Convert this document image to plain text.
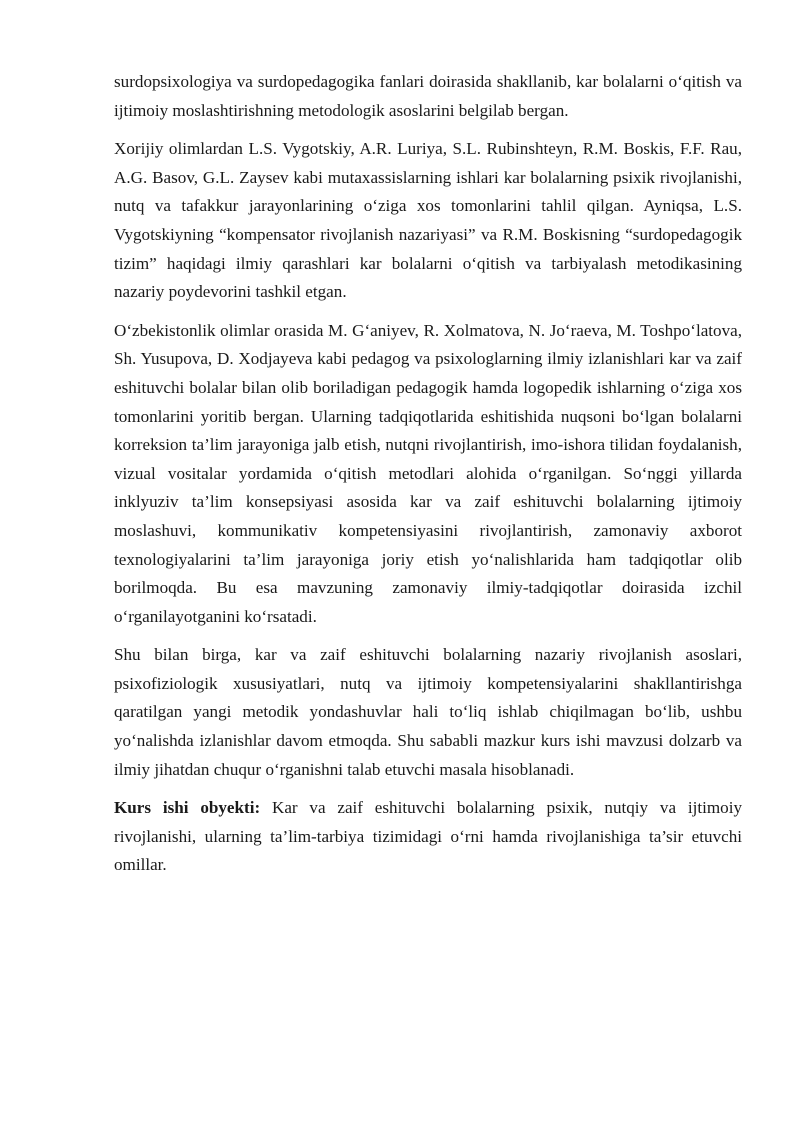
surdopsixologiya va surdopedagogika fanlari doirasida shakllanib, kar bolalarni o‘qitish va ijtimoiy moslashtirishning metodologik asoslarini belgilab bergan.

Xorijiy olimlardan L.S. Vygotskiy, A.R. Luriya, S.L. Rubinshteyn, R.M. Boskis, F.F. Rau, A.G. Basov, G.L. Zaysev kabi mutaxassislarning ishlari kar bolalarning psixik rivojlanishi, nutq va tafakkur jarayonlarining o‘ziga xos tomonlarini tahlil qilgan. Ayniqsa, L.S. Vygotskiyning “kompensator rivojlanish nazariyasi” va R.M. Boskisning “surdopedagogik tizim” haqidagi ilmiy qarashlari kar bolalarni o‘qitish va tarbiyalash metodikasining nazariy poydevorini tashkil etgan.

O‘zbekistonlik olimlar orasida M. G‘aniyev, R. Xolmatova, N. Jo‘raeva, M. Toshpo‘latova, Sh. Yusupova, D. Xodjayeva kabi pedagog va psixologlarning ilmiy izlanishlari kar va zaif eshituvchi bolalar bilan olib boriladigan pedagogik hamda logopedik ishlarning o‘ziga xos tomonlarini yoritib bergan. Ularning tadqiqotlarida eshitishida nuqsoni bo‘lgan bolalarni korreksion ta’lim jarayoniga jalb etish, nutqni rivojlantirish, imo-ishora tilidan foydalanish, vizual vositalar yordamida o‘qitish metodlari alohida o‘rganilgan. So‘nggi yillarda inklyuziv ta’lim konsepsiyasi asosida kar va zaif eshituvchi bolalarning ijtimoiy moslashuvi, kommunikativ kompetensiyasini rivojlantirish, zamonaviy axborot texnologiyalarini ta’lim jarayoniga joriy etish yo‘nalishlarida ham tadqiqotlar olib borilmoqda. Bu esa mavzuning zamonaviy ilmiy-tadqiqotlar doirasida izchil o‘rganilayotganini ko‘rsatadi.

Shu bilan birga, kar va zaif eshituvchi bolalarning nazariy rivojlanish asoslari, psixofiziologik xususiyatlari, nutq va ijtimoiy kompetensiyalarini shakllantirishga qaratilgan yangi metodik yondashuvlar hali to‘liq ishlab chiqilmagan bo‘lib, ushbu yo‘nalishda izlanishlar davom etmoqda. Shu sababli mazkur kurs ishi mavzusi dolzarb va ilmiy jihatdan chuqur o‘rganishni talab etuvchi masala hisoblanadi.

Kurs ishi obyekti: Kar va zaif eshituvchi bolalarning psixik, nutqiy va ijtimoiy rivojlanishi, ularning ta’lim-tarbiya tizimidagi o‘rni hamda rivojlanishiga ta’sir etuvchi omillar.
